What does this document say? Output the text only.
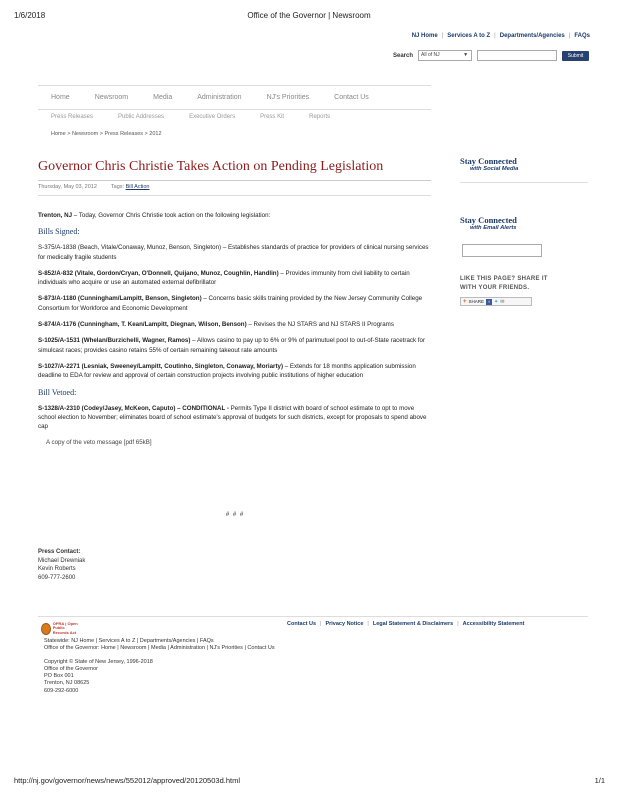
1/6/2018	Office of the Governor | Newsroom
NJ Home | Services A to Z | Departments/Agencies | FAQs
Search	All of NJ	▼	Submit
Home	Newsroom	Media	Administration	NJ's Priorities	Contact Us
Press Releases	Public Addresses	Executive Orders	Press Kit	Reports
Home > Newsroom > Press Releases > 2012
Governor Chris Christie Takes Action on Pending Legislation
Thursday, May 03, 2012	Tags: Bill Action

Trenton, NJ – Today, Governor Chris Christie took action on the following legislation:

Bills Signed:

S-375/A-1838 (Beach, Vitale/Conaway, Munoz, Benson, Singleton) – Establishes standards of practice for providers of clinical nursing services for medically fragile students

S-852/A-832 (Vitale, Gordon/Cryan, O'Donnell, Quijano, Munoz, Coughlin, Handlin) – Provides immunity from civil liability to certain individuals who acquire or use an automated external defibrillator

S-873/A-1180 (Cunningham/Lampitt, Benson, Singleton) – Concerns basic skills training provided by the New Jersey Community College Consortium for Workforce and Economic Development

S-874/A-1176 (Cunningham, T. Kean/Lampitt, Diegnan, Wilson, Benson) – Revises the NJ STARS and NJ STARS II Programs

S-1025/A-1531 (Whelan/Burzichelli, Wagner, Ramos) – Allows casino to pay up to 6% or 9% of parimutuel pool to out-of-State racetrack for simulcast races; provides casino retains 55% of certain remaining takeout rate amounts

S-1027/A-2271 (Lesniak, Sweeney/Lampitt, Coutinho, Singleton, Conaway, Moriarty) – Extends for 18 months application submission deadline to EDA for review and approval of certain construction projects involving public institutions of higher education

Bill Vetoed:

S-1328/A-2310 (Codey/Jasey, McKeon, Caputo) – CONDITIONAL - Permits Type II district with board of school estimate to opt to move school election to November; eliminates board of school estimate's approval of budgets for such districts, except for proposals to spend above cap

A copy of the veto message [pdf 65kB]

# # #
Press Contact:
Michael Drewniak
Kevin Roberts
609-777-2600
Stay Connected
with Social Media
Stay Connected
with Email Alerts
LIKE THIS PAGE? SHARE IT
WITH YOUR FRIENDS.
+ SHARE	f ✦ ✉
OPRA | Open
Public Records Act
Contact Us | Privacy Notice | Legal Statement & Disclaimers | Accessibility Statement
Statewide: NJ Home | Services A to Z | Departments/Agencies | FAQs
Office of the Governor: Home | Newsroom | Media | Administration | NJ's Priorities | Contact Us
Copyright © State of New Jersey, 1996-2018
Office of the Governor
PO Box 001
Trenton, NJ 08625
609-292-6000
http://nj.gov/governor/news/news/552012/approved/20120503d.html	1/1
